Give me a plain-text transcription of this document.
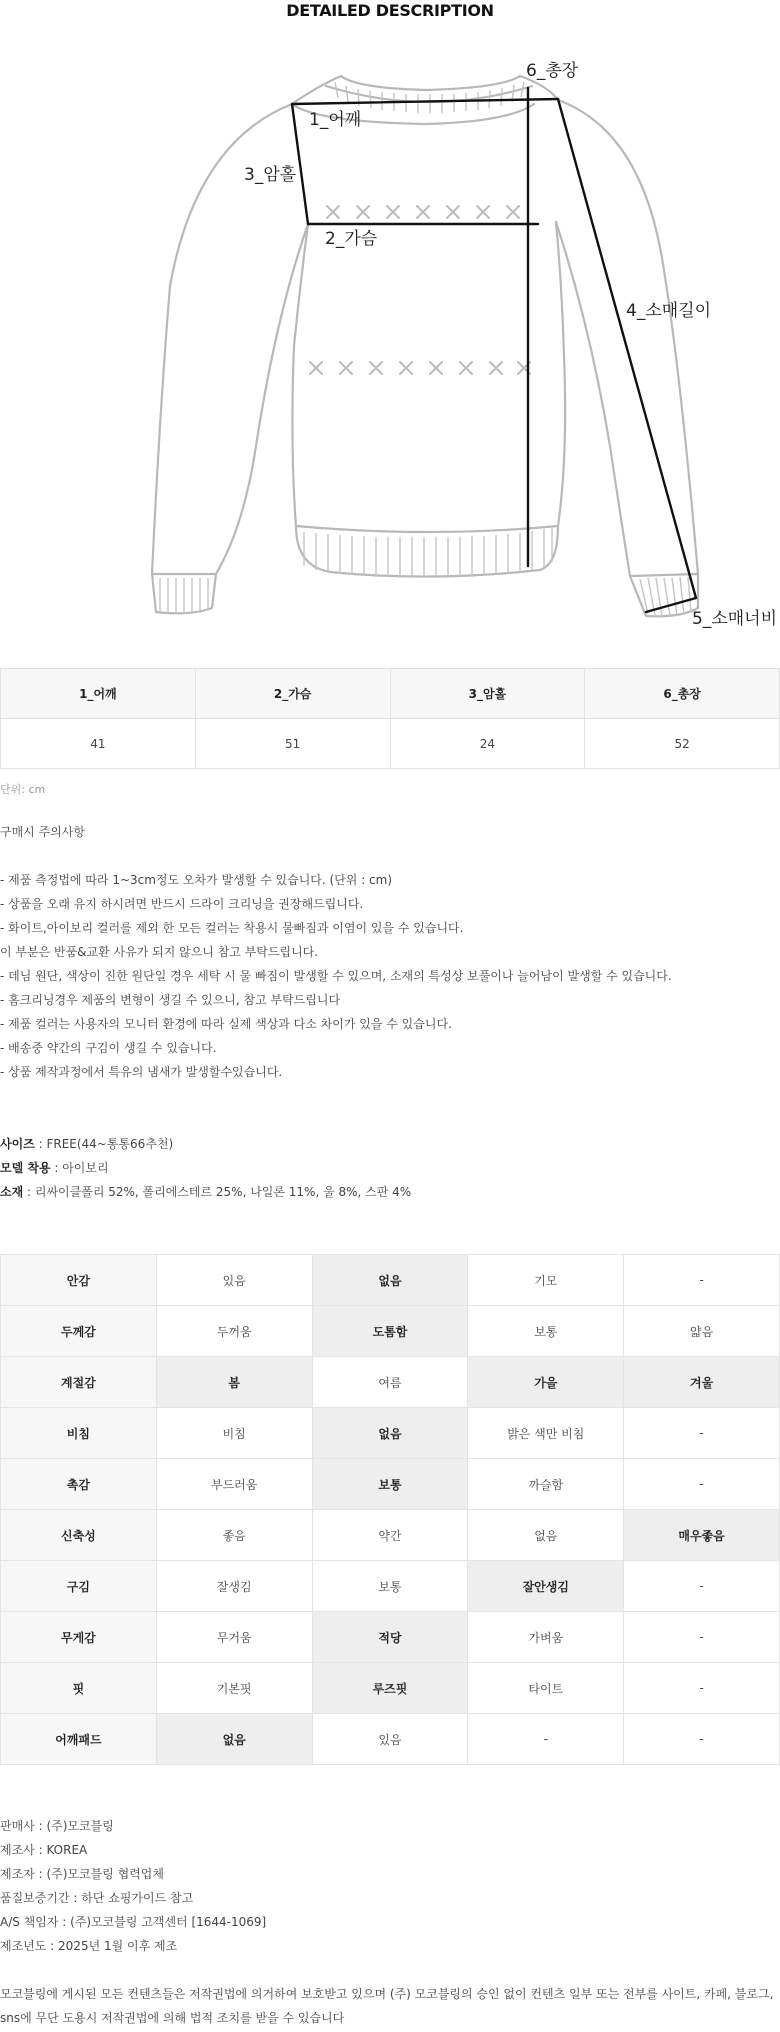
DETAILED DESCRIPTION
1_어깨
2_가슴
3_암홀
4_소매길이
5_소매너비
6_총장
1_어깨	2_가슴	3_암홀	6_총장
41	51	24	52
단위: cm
구매시 주의사항
- 제품 측정법에 따라 1~3cm정도 오차가 발생할 수 있습니다. (단위 : cm)
- 상품을 오래 유지 하시려면 반드시 드라이 크리닝을 권장해드립니다.
- 화이트,아이보리 컬러를 제외 한 모든 컬러는 착용시 물빠짐과 이염이 있을 수 있습니다.
이 부분은 반품&교환 사유가 되지 않으니 참고 부탁드립니다.
- 데님 원단, 색상이 진한 원단일 경우 세탁 시 물 빠짐이 발생할 수 있으며, 소재의 특성상 보풀이나 늘어남이 발생할 수 있습니다.
- 홈크리닝경우 제품의 변형이 생길 수 있으니, 참고 부탁드립니다
- 제품 컬러는 사용자의 모니터 환경에 따라 실제 색상과 다소 차이가 있을 수 있습니다.
- 배송중 약간의 구김이 생길 수 있습니다.
- 상품 제작과정에서 특유의 냄새가 발생할수있습니다.
사이즈 : FREE(44~통통66추천)
모델 착용 : 아이보리
소재 : 리싸이클폴리 52%, 폴리에스테르 25%, 나일론 11%, 울 8%, 스판 4%
안감	있음	없음	기모	-
두께감	두꺼움	도톰함	보통	얇음
계절감	봄	여름	가을	겨울
비침	비침	없음	밝은 색만 비침	-
촉감	부드러움	보통	까슬함	-
신축성	좋음	약간	없음	매우좋음
구김	잘생김	보통	잘안생김	-
무게감	무거움	적당	가벼움	-
핏	기본핏	루즈핏	타이트	-
어깨패드	없음	있음	-	-
판매사 : (주)모코블링
제조사 : KOREA
제조자 : (주)모코블링 협력업체
품질보증기간 : 하단 쇼핑가이드 참고
A/S 책임자 : (주)모코블링 고객센터 [1644-1069]
제조년도 : 2025년 1월 이후 제조
모코블링에 게시된 모든 컨텐츠들은 저작권법에 의거하여 보호받고 있으며 (주) 모코블링의 승인 없이 컨텐츠 일부 또는 전부를 사이트, 카페, 블로그, sns에 무단 도용시 저작권법에 의해 법적 조치를 받을 수 있습니다
